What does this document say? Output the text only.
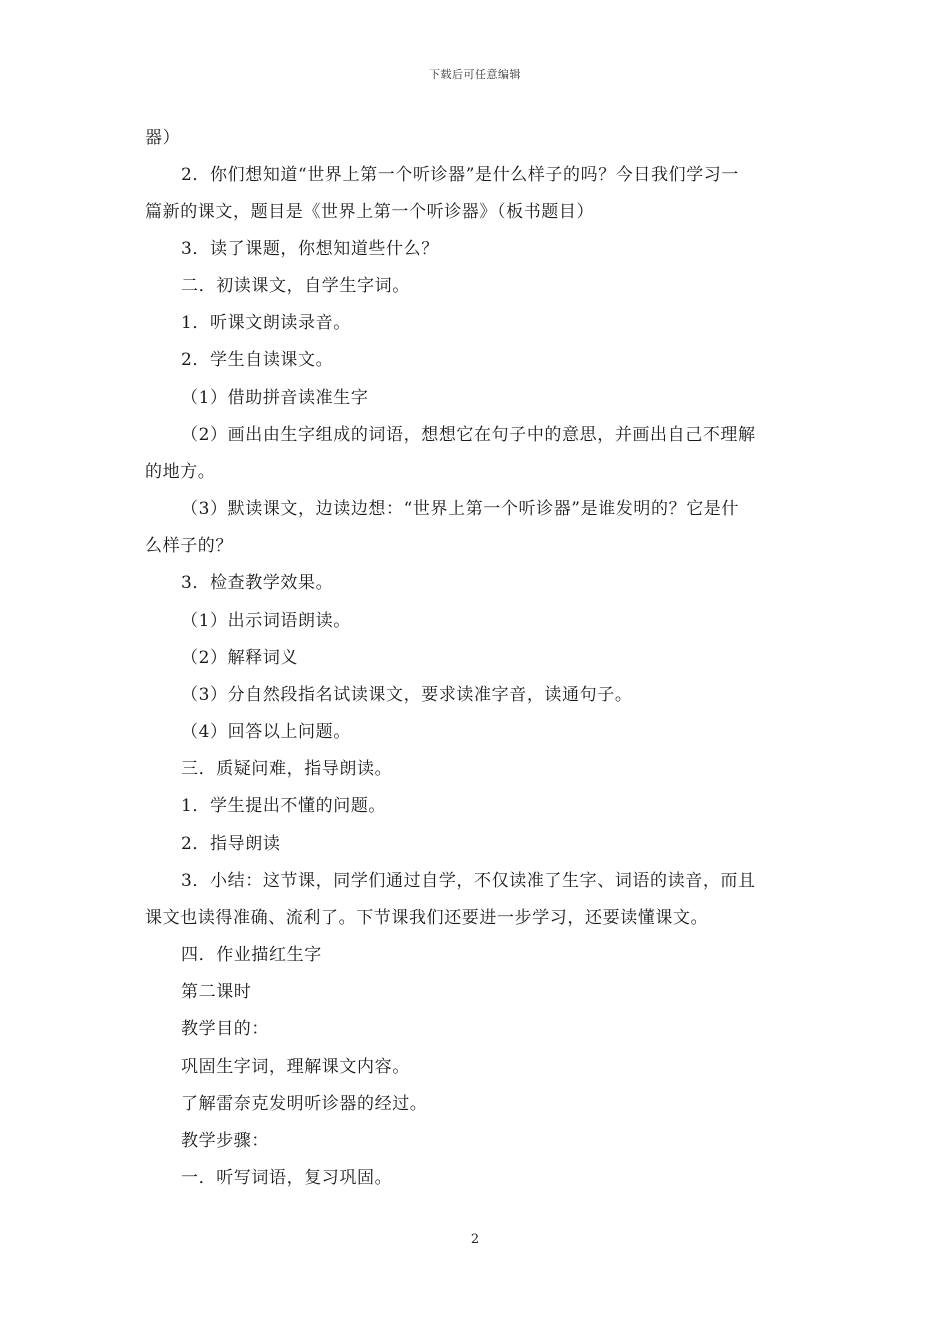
下载后可任意编辑
器）
2．你们想知道“世界上第一个听诊器”是什么样子的吗？今日我们学习一
篇新的课文，题目是《世界上第一个听诊器》（板书题目）
3．读了课题，你想知道些什么？
二．初读课文，自学生字词。
1．听课文朗读录音。
2．学生自读课文。
（1）借助拼音读准生字
（2）画出由生字组成的词语，想想它在句子中的意思，并画出自己不理解
的地方。
（3）默读课文，边读边想：“世界上第一个听诊器”是谁发明的？它是什
么样子的？
3．检查教学效果。
（1）出示词语朗读。
（2）解释词义
（3）分自然段指名试读课文，要求读准字音，读通句子。
（4）回答以上问题。
三．质疑问难，指导朗读。
1．学生提出不懂的问题。
2．指导朗读
3．小结：这节课，同学们通过自学，不仅读准了生字、词语的读音，而且
课文也读得准确、流利了。下节课我们还要进一步学习，还要读懂课文。
四．作业描红生字
第二课时
教学目的：
巩固生字词，理解课文内容。
了解雷奈克发明听诊器的经过。
教学步骤：
一．听写词语，复习巩固。
2
